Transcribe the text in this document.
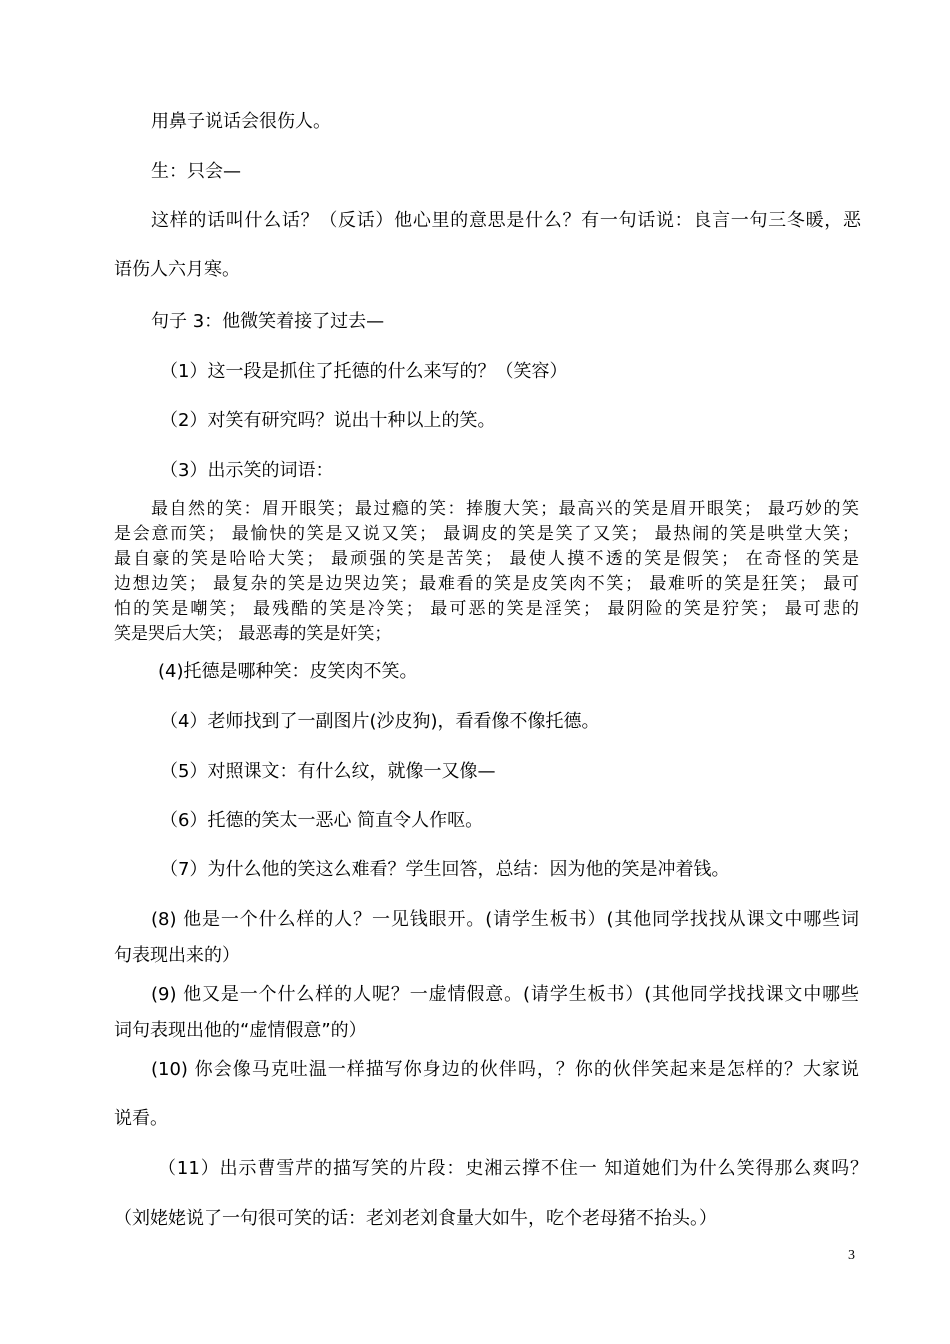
用鼻子说话会很伤人。
生：只会—
这样的话叫什么话？（反话）他心里的意思是什么？有一句话说：良言一句三冬暖，恶
语伤人六月寒。
句子 3：他微笑着接了过去—
（1）这一段是抓住了托德的什么来写的？（笑容）
（2）对笑有研究吗？说出十种以上的笑。
（3）出示笑的词语：
最自然的笑：眉开眼笑；最过瘾的笑：捧腹大笑；最高兴的笑是眉开眼笑； 最巧妙的笑
是会意而笑； 最愉快的笑是又说又笑； 最调皮的笑是笑了又笑； 最热闹的笑是哄堂大笑；
最自豪的笑是哈哈大笑； 最顽强的笑是苦笑； 最使人摸不透的笑是假笑； 在奇怪的笑是
边想边笑； 最复杂的笑是边哭边笑；最难看的笑是皮笑肉不笑； 最难听的笑是狂笑； 最可
怕的笑是嘲笑； 最残酷的笑是冷笑； 最可恶的笑是淫笑； 最阴险的笑是狞笑； 最可悲的
笑是哭后大笑； 最恶毒的笑是奸笑；
(4)托德是哪种笑：皮笑肉不笑。
（4）老师找到了一副图片(沙皮狗)，看看像不像托德。
（5）对照课文：有什么纹，就像一又像—
（6）托德的笑太一恶心 简直令人作呕。
（7）为什么他的笑这么难看？学生回答，总结：因为他的笑是冲着钱。
(8) 他是一个什么样的人？一见钱眼开。(请学生板书）(其他同学找找从课文中哪些词
句表现出来的）
(9) 他又是一个什么样的人呢？一虚情假意。(请学生板书）(其他同学找找课文中哪些
词句表现出他的“虚情假意”的）
(10) 你会像马克吐温一样描写你身边的伙伴吗，？你的伙伴笑起来是怎样的？大家说
说看。
（11）出示曹雪芹的描写笑的片段：史湘云撑不住一 知道她们为什么笑得那么爽吗？
（刘姥姥说了一句很可笑的话：老刘老刘食量大如牛，吃个老母猪不抬头。）
3
